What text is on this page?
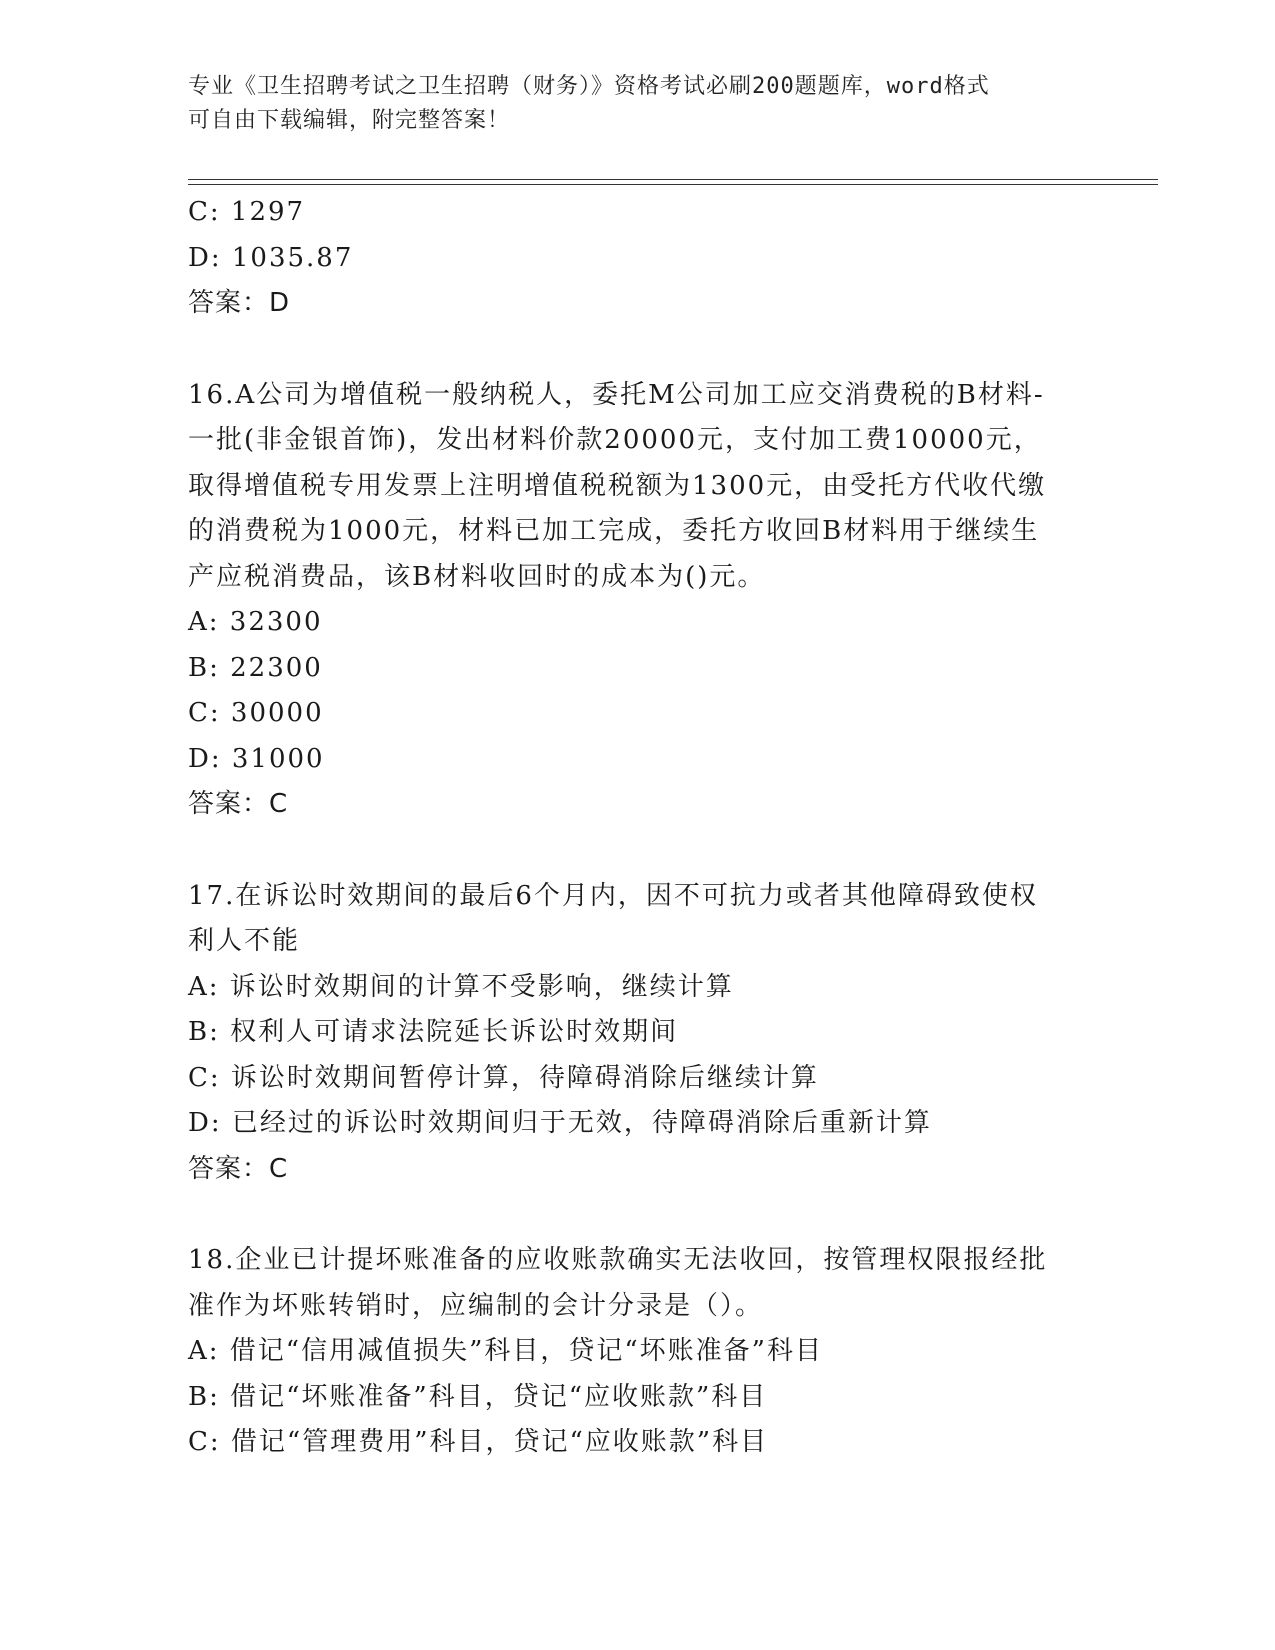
专业《卫生招聘考试之卫生招聘（财务）》资格考试必刷200题题库，word格式
可自由下载编辑，附完整答案！
C: 1297
D: 1035.87
答案：D
16.A公司为增值税一般纳税人，委托M公司加工应交消费税的B材料-
一批(非金银首饰)，发出材料价款20000元，支付加工费10000元，
取得增值税专用发票上注明增值税税额为1300元，由受托方代收代缴
的消费税为1000元，材料已加工完成，委托方收回B材料用于继续生
产应税消费品，该B材料收回时的成本为()元。
A: 32300
B: 22300
C: 30000
D: 31000
答案：C
17.在诉讼时效期间的最后6个月内，因不可抗力或者其他障碍致使权
利人不能
A: 诉讼时效期间的计算不受影响，继续计算
B: 权利人可请求法院延长诉讼时效期间
C: 诉讼时效期间暂停计算，待障碍消除后继续计算
D: 已经过的诉讼时效期间归于无效，待障碍消除后重新计算
答案：C
18.企业已计提坏账准备的应收账款确实无法收回，按管理权限报经批
准作为坏账转销时，应编制的会计分录是（）。
A: 借记“信用减值损失”科目，贷记“坏账准备”科目
B: 借记“坏账准备”科目，贷记“应收账款”科目
C: 借记“管理费用”科目，贷记“应收账款”科目
